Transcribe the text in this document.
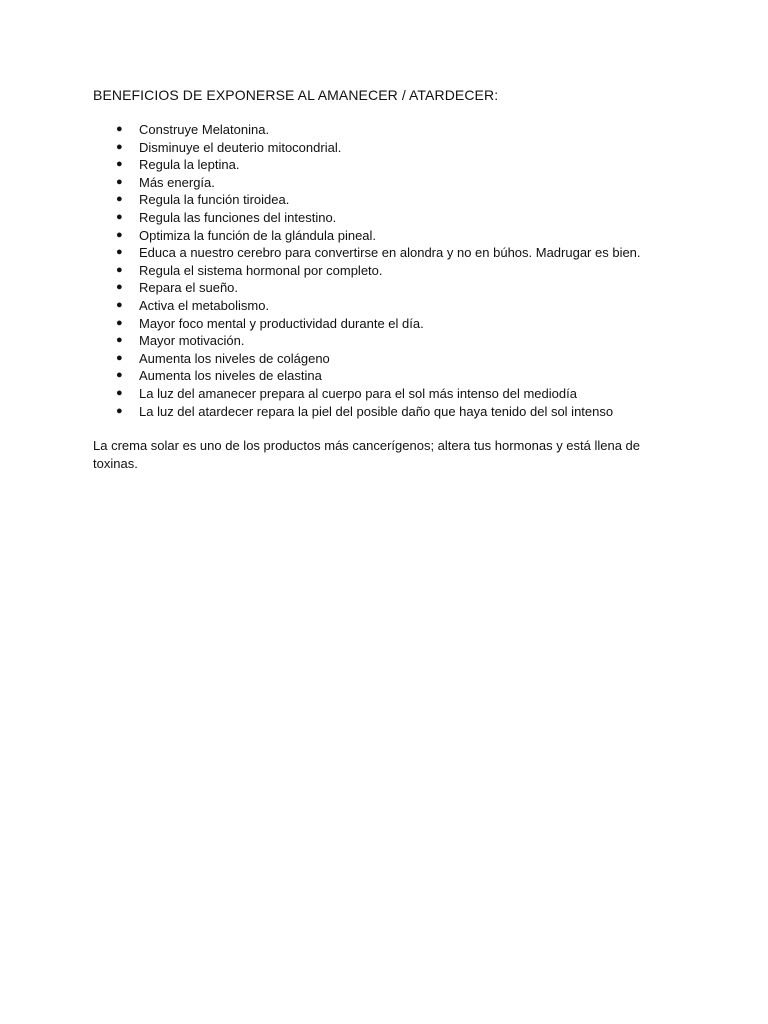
BENEFICIOS DE EXPONERSE AL AMANECER / ATARDECER:

● Construye Melatonina.
● Disminuye el deuterio mitocondrial.
● Regula la leptina.
● Más energía.
● Regula la función tiroidea.
● Regula las funciones del intestino.
● Optimiza la función de la glándula pineal.
● Educa a nuestro cerebro para convertirse en alondra y no en búhos. Madrugar es bien.
● Regula el sistema hormonal por completo.
● Repara el sueño.
● Activa el metabolismo.
● Mayor foco mental y productividad durante el día.
● Mayor motivación.
● Aumenta los niveles de colágeno
● Aumenta los niveles de elastina
● La luz del amanecer prepara al cuerpo para el sol más intenso del mediodía
● La luz del atardecer repara la piel del posible daño que haya tenido del sol intenso

La crema solar es uno de los productos más cancerígenos; altera tus hormonas y está llena de toxinas.
